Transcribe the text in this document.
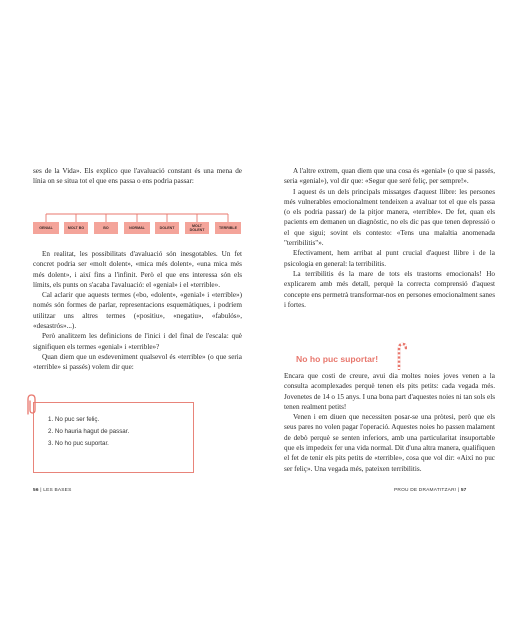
ses de la Vida». Els explico que l'avaluació constant és una mena de línia on se situa tot el que ens passa o ens podria passar:

GENIAL	MOLT BO	BO	NORMAL	DOLENT	MOLT DOLENT	TERRIBLE

En realitat, les possibilitats d'avaluació són inesgotables. Un fet concret podria ser «molt dolent», «mica més dolent», «una mica més més dolent», i així fins a l'infinit. Però el que ens interessa són els límits, els punts on s'acaba l'avaluació: el «genial» i el «terrible».

Cal aclarir que aquests termes («bo, «dolent», «genial» i «terrible») només són formes de parlar, representacions esquemàtiques, i podríem utilitzar uns altres termes («positiu», «negatiu», «fabulós», «desastrós»...).

Però analitzem les definicions de l'inici i del final de l'escala: què signifiquen els termes «genial» i «terrible»?

Quan diem que un esdeveniment qualsevol és «terrible» (o que seria «terrible» si passés) volem dir que:

1. No puc ser feliç.
2. No hauria hagut de passar.
3. No ho puc suportar.
56 | LES BASES

A l'altre extrem, quan diem que una cosa és «genial» (o que si passés, seria «genial»), vol dir que: «Segur que seré feliç, per sempre!».

I aquest és un dels principals missatges d'aquest llibre: les persones més vulnerables emocionalment tendeixen a avaluar tot el que els passa (o els podria passar) de la pitjor manera, «terrible». De fet, quan els pacients em demanen un diagnòstic, no els dic pas que tenen depressió o el que sigui; sovint els contesto: «Tens una malaltia anomenada "terribilitis"».

Efectivament, hem arribat al punt crucial d'aquest llibre i de la psicologia en general: la terribilitis.

La terribilitis és la mare de tots els trastorns emocionals! Ho explicarem amb més detall, perquè la correcta comprensió d'aquest concepte ens permetrà transformar-nos en persones emocionalment sanes i fortes.

No ho puc suportar!

Encara que costi de creure, avui dia moltes noies joves venen a la consulta acomplexades perquè tenen els pits petits: cada vegada més. Jovenetes de 14 o 15 anys. I una bona part d'aquestes noies ni tan sols els tenen realment petits!

Venen i em diuen que necessiten posar-se una pròtesi, però que els seus pares no volen pagar l'operació. Aquestes noies ho passen malament de debò perquè se senten inferiors, amb una particularitat insuportable que els impedeix fer una vida normal. Dit d'una altra manera, qualifiquen el fet de tenir els pits petits de «terrible», cosa que vol dir: «Així no puc ser feliç». Una vegada més, pateixen terribilitis.

PROU DE DRAMATITZAR! | 57
